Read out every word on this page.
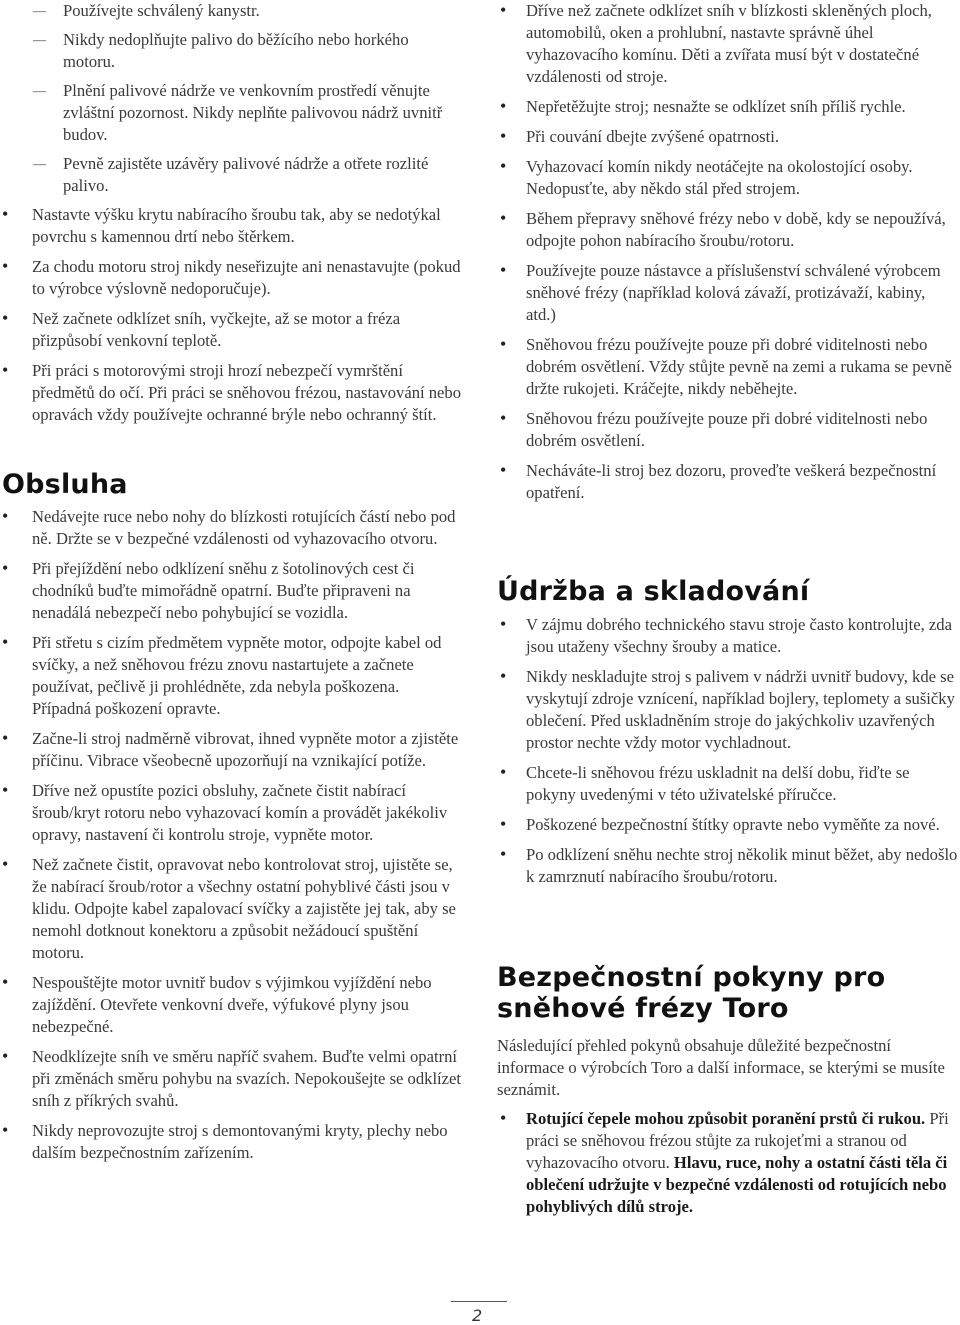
— Používejte schválený kanystr.
— Nikdy nedoplňujte palivo do běžícího nebo horkého motoru.
— Plnění palivové nádrže ve venkovním prostředí věnujte zvláštní pozornost. Nikdy neplňte palivovou nádrž uvnitř budov.
— Pevně zajistěte uzávěry palivové nádrže a otřete rozlité palivo.
• Nastavte výšku krytu nabíracího šroubu tak, aby se nedotýkal povrchu s kamennou drtí nebo štěrkem.
• Za chodu motoru stroj nikdy neseřizujte ani nenastavujte (pokud to výrobce výslovně nedoporučuje).
• Než začnete odklízet sníh, vyčkejte, až se motor a fréza přizpůsobí venkovní teplotě.
• Při práci s motorovými stroji hrozí nebezpečí vymrštění předmětů do očí. Při práci se sněhovou frézou, nastavování nebo opravách vždy používejte ochranné brýle nebo ochranný štít.
Obsluha
• Nedávejte ruce nebo nohy do blízkosti rotujících částí nebo pod ně. Držte se v bezpečné vzdálenosti od vyhazovacího otvoru.
• Při přejíždění nebo odklízení sněhu z šotolinových cest či chodníků buďte mimořádně opatrní. Buďte připraveni na nenadálá nebezpečí nebo pohybující se vozidla.
• Při střetu s cizím předmětem vypněte motor, odpojte kabel od svíčky, a než sněhovou frézu znovu nastartujete a začnete používat, pečlivě ji prohlédněte, zda nebyla poškozena. Případná poškození opravte.
• Začne-li stroj nadměrně vibrovat, ihned vypněte motor a zjistěte příčinu. Vibrace všeobecně upozorňují na vznikající potíže.
• Dříve než opustíte pozici obsluhy, začnete čistit nabírací šroub/kryt rotoru nebo vyhazovací komín a provádět jakékoliv opravy, nastavení či kontrolu stroje, vypněte motor.
• Než začnete čistit, opravovat nebo kontrolovat stroj, ujistěte se, že nabírací šroub/rotor a všechny ostatní pohyblivé části jsou v klidu. Odpojte kabel zapalovací svíčky a zajistěte jej tak, aby se nemohl dotknout konektoru a způsobit nežádoucí spuštění motoru.
• Nespouštějte motor uvnitř budov s výjimkou vyjíždění nebo zajíždění. Otevřete venkovní dveře, výfukové plyny jsou nebezpečné.
• Neodklízejte sníh ve směru napříč svahem. Buďte velmi opatrní při změnách směru pohybu na svazích. Nepokoušejte se odklízet sníh z příkrých svahů.
• Nikdy neprovozujte stroj s demontovanými kryty, plechy nebo dalším bezpečnostním zařízením.
• Dříve než začnete odklízet sníh v blízkosti skleněných ploch, automobilů, oken a prohlubní, nastavte správně úhel vyhazovacího komínu. Děti a zvířata musí být v dostatečné vzdálenosti od stroje.
• Nepřetěžujte stroj; nesnažte se odklízet sníh příliš rychle.
• Při couvání dbejte zvýšené opatrnosti.
• Vyhazovací komín nikdy neotáčejte na okolostojící osoby. Nedopusťte, aby někdo stál před strojem.
• Během přepravy sněhové frézy nebo v době, kdy se nepoužívá, odpojte pohon nabíracího šroubu/rotoru.
• Používejte pouze nástavce a příslušenství schválené výrobcem sněhové frézy (například kolová závaží, protizávaží, kabiny, atd.)
• Sněhovou frézu používejte pouze při dobré viditelnosti nebo dobrém osvětlení. Vždy stůjte pevně na zemi a rukama se pevně držte rukojeti. Kráčejte, nikdy neběhejte.
• Sněhovou frézu používejte pouze při dobré viditelnosti nebo dobrém osvětlení.
• Necháváte-li stroj bez dozoru, proveďte veškerá bezpečnostní opatření.
Údržba a skladování
• V zájmu dobrého technického stavu stroje často kontrolujte, zda jsou utaženy všechny šrouby a matice.
• Nikdy neskladujte stroj s palivem v nádrži uvnitř budovy, kde se vyskytují zdroje vznícení, například bojlery, teplomety a sušičky oblečení. Před uskladněním stroje do jakýchkoliv uzavřených prostor nechte vždy motor vychladnout.
• Chcete-li sněhovou frézu uskladnit na delší dobu, řiďte se pokyny uvedenými v této uživatelské příručce.
• Poškozené bezpečnostní štítky opravte nebo vyměňte za nové.
• Po odklízení sněhu nechte stroj několik minut běžet, aby nedošlo k zamrznutí nabíracího šroubu/rotoru.
Bezpečnostní pokyny pro sněhové frézy Toro

Následující přehled pokynů obsahuje důležité bezpečnostní informace o výrobcích Toro a další informace, se kterými se musíte seznámit.

• Rotující čepele mohou způsobit poranění prstů či rukou. Při práci se sněhovou frézou stůjte za rukojeťmi a stranou od vyhazovacího otvoru. Hlavu, ruce, nohy a ostatní části těla či oblečení udržujte v bezpečné vzdálenosti od rotujících nebo pohyblivých dílů stroje.
2
